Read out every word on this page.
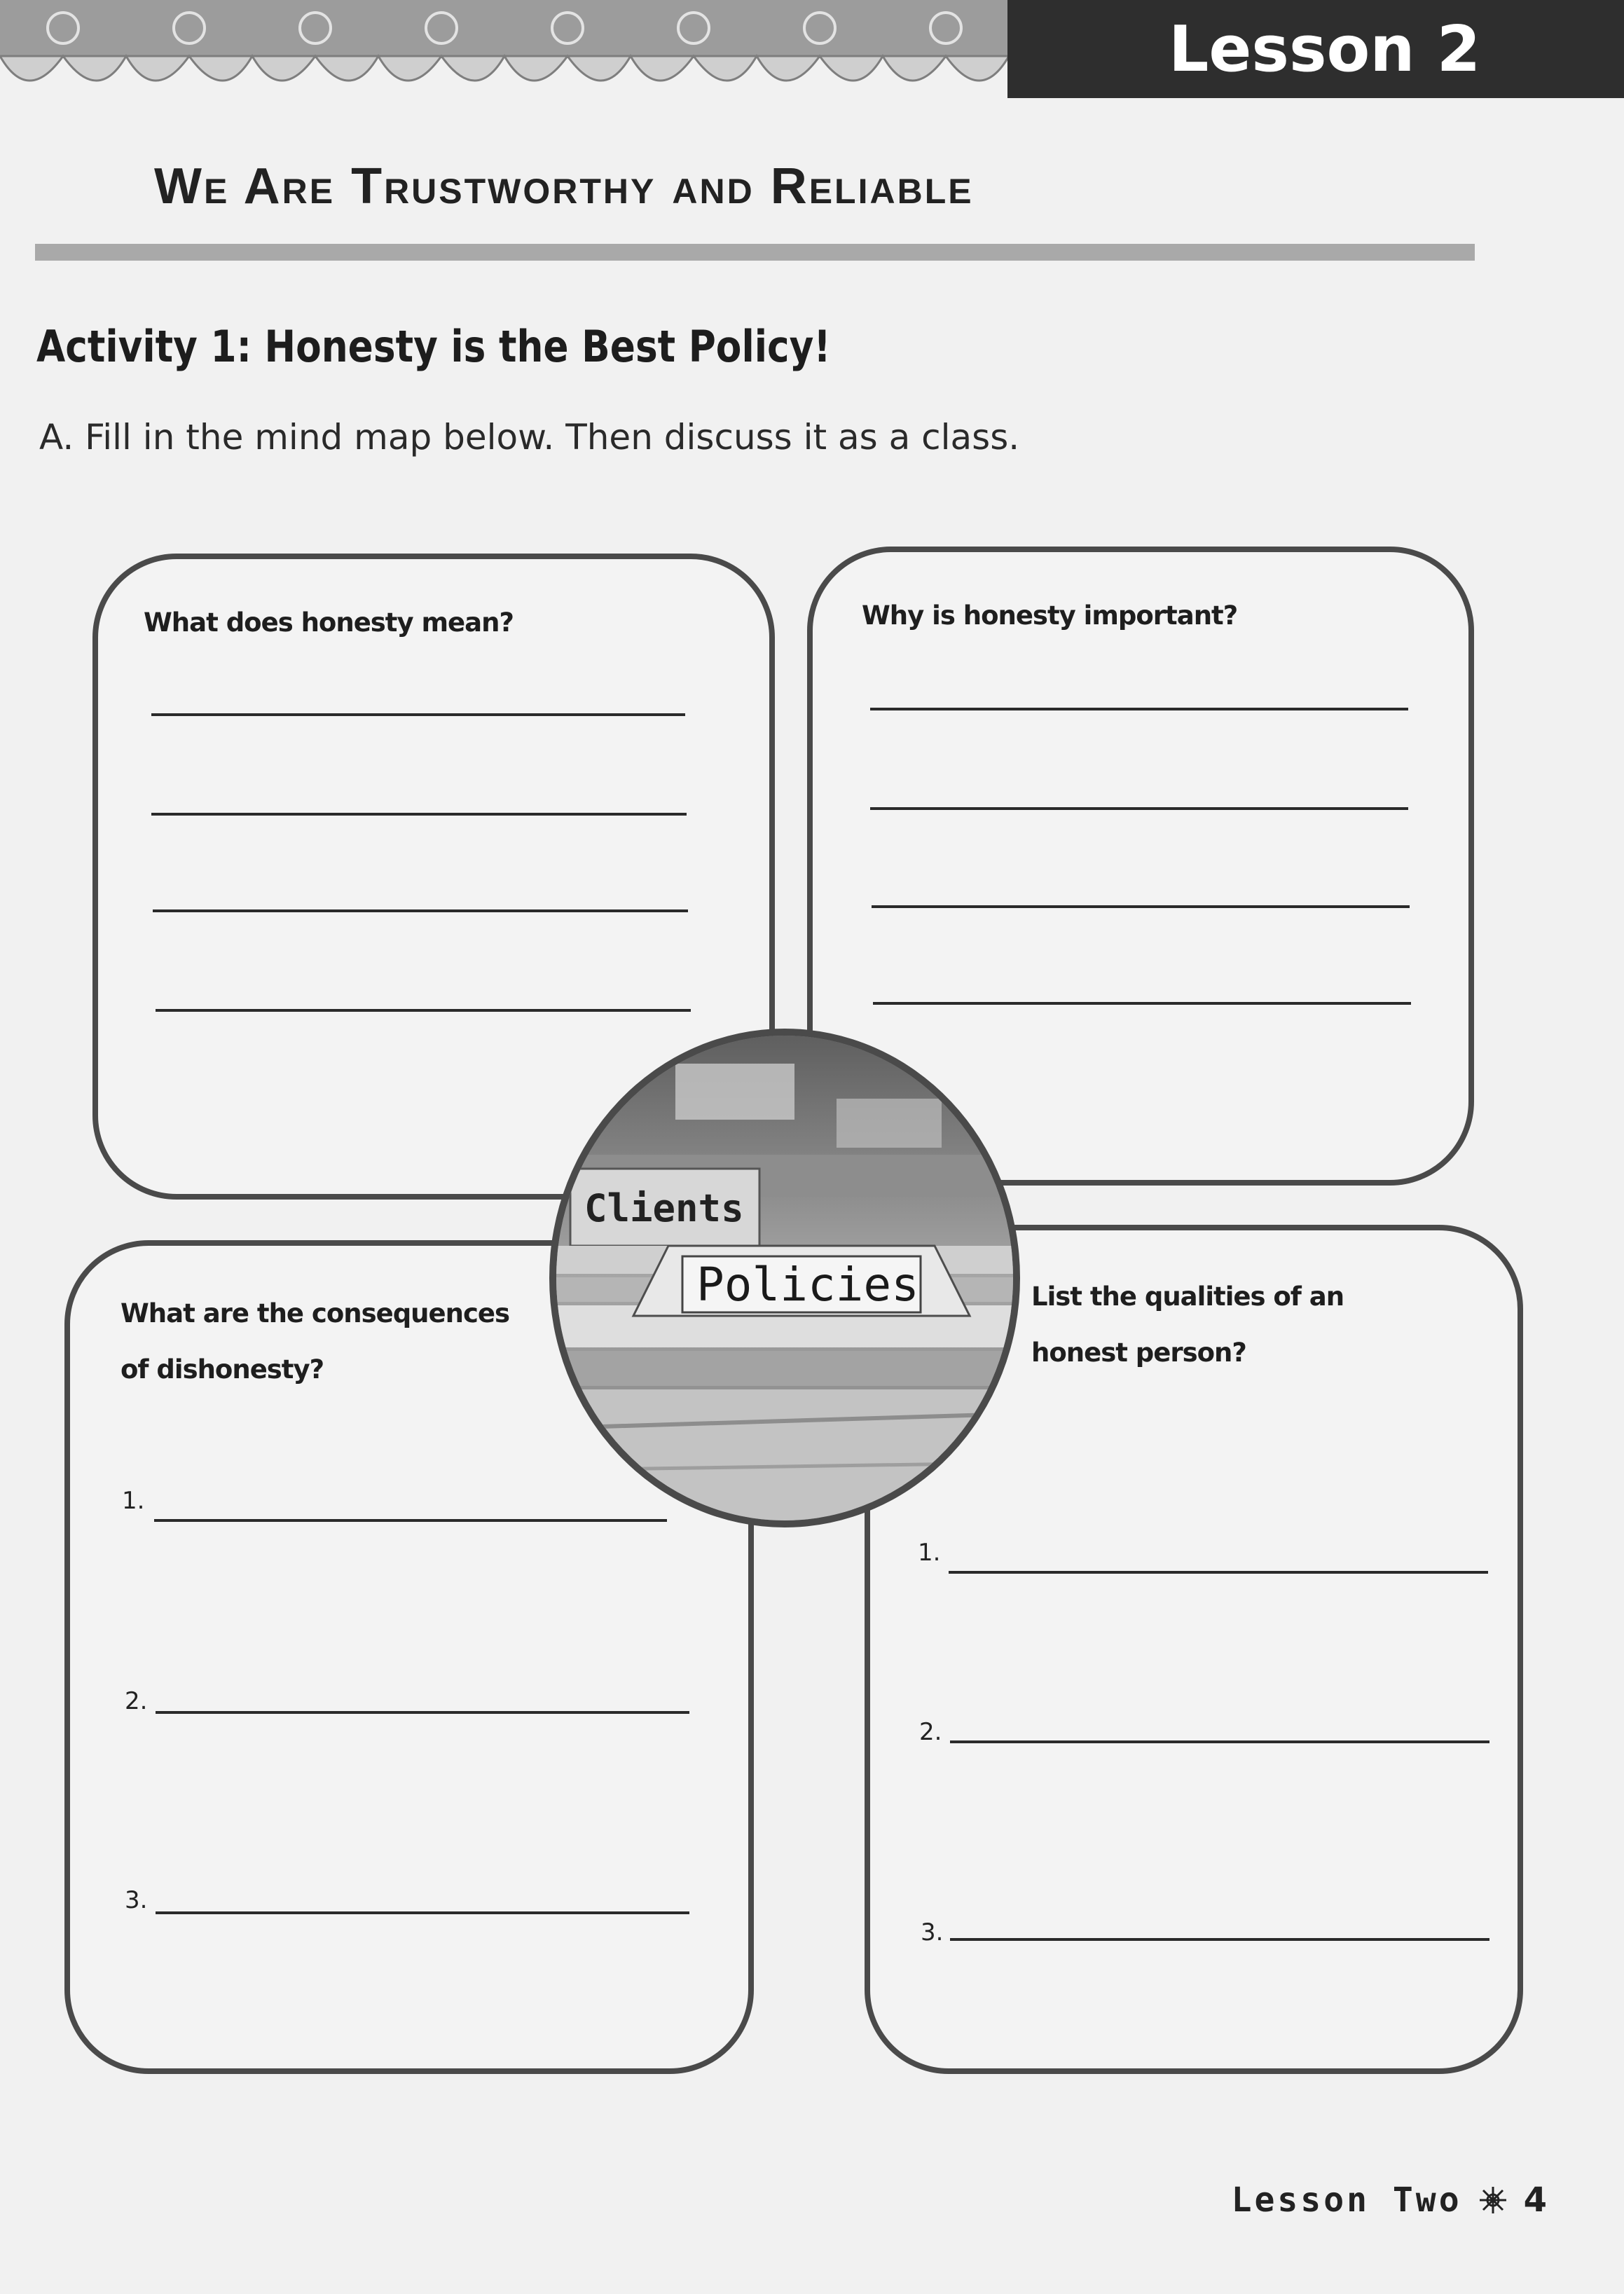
Lesson 2
We Are Trustworthy and Reliable
Activity 1: Honesty is the Best Policy!
A. Fill in the mind map below. Then discuss it as a class.
What does honesty mean?	Why is honesty important?
What are the consequences
of dishonesty?
1.
2.
3.
List the qualities of an
honest person?
1.
2.
3.
Clients
Policies
Lesson Two 4
